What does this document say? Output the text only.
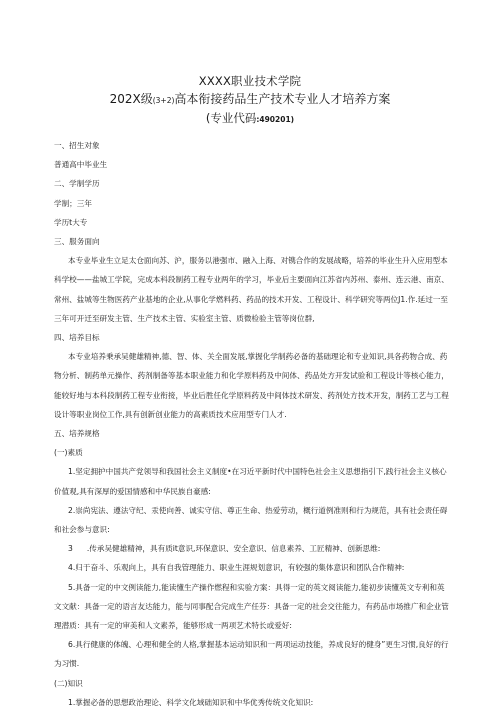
XXXX职业技术学院
202X级(3+2)高本衔接药品生产技术专业人才培养方案
(专业代码:490201)

一、招生对象

普通高中毕业生

二、学制学历

学制；三年

学历t大专

三、服务面向

本专业毕业生立足太仓面向苏、沪，服务以港强市、融入上海、对镌合作的发展战略，培养的毕业生升入应用型本科学校——盐城工学院，完成本科段制药工程专业两年的学习，毕业后主要面向江苏省内苏州、泰州、连云港、南京、常州、盐城等生物医药产业基地的企业,从事化学燃料药、药品的技术开发、工程设计、科学研究等两位J1.作.延过一至三年可开迁至研发主管、生产技术主管、实验室主管、质微检验主管等岗位群,

四、培养目标

本专业培养乗承吴健雄精神,德、智、体、关全面发展,掌握化学制药必备的基础理论和专业知识,具各药物合成、药物分析、制药单元操作、药剂制备等基本职业能力和化学原料药及中间体、药品处方开发试验和工程设计等核心能力，能较好地与本科段制药工程专业衔接，毕业后胜任化学原料药及中间体技术研发、药剂处方技术开发，制药工艺与工程设计等职业岗位工作,具有创新创业能力的高素质技术应用型专门人才.

五、培养规格

(一)素质

1.坚定拥护中国共产党领导和我国社会主义制度•在习近平新时代中国特色社会主义思想指引下,践行社会主义核心价值观,具有深厚的爱国情感和中华民族自豪感:

2.崇尚宪法、遵法守纪、汞使向善、诚实守信、尊正生命、热爱劳动，概行道例准则和行为规范，具有社会责任碍和社会参与意识:

3 .传承吴健雄精神，具有质it意识,环保意识、安全意识、信息素养、工匠精神、创新思维:

4.归于奋斗、乐观向上，具有自我管理能力、职业生涯规划意识，有较强的集体意识和团队合作精神:

5.具备一定的中文例读能力,能读懂生产操作燃程和实验方案：具得一定的英文阅读能力,能初步读懂英文专利和英文文献：具备一定的语言友达能力，能与同事配合完成生产任芬：具备一定的社会交往能力，有药品市场推广和企业管理潜质：具有一定的审美和人文素养，能够形成一两项艺术特长或爱好:

6.具行健康的体魄、心理和健全的人格,掌握基本运动知识和一两项运动技能，养成良好的健身”更生习惯,良好的行为习惯.

(二)知识

1.掌握必备的思想政治理论、科学文化域础知识和中华优秀传统文化知识:
